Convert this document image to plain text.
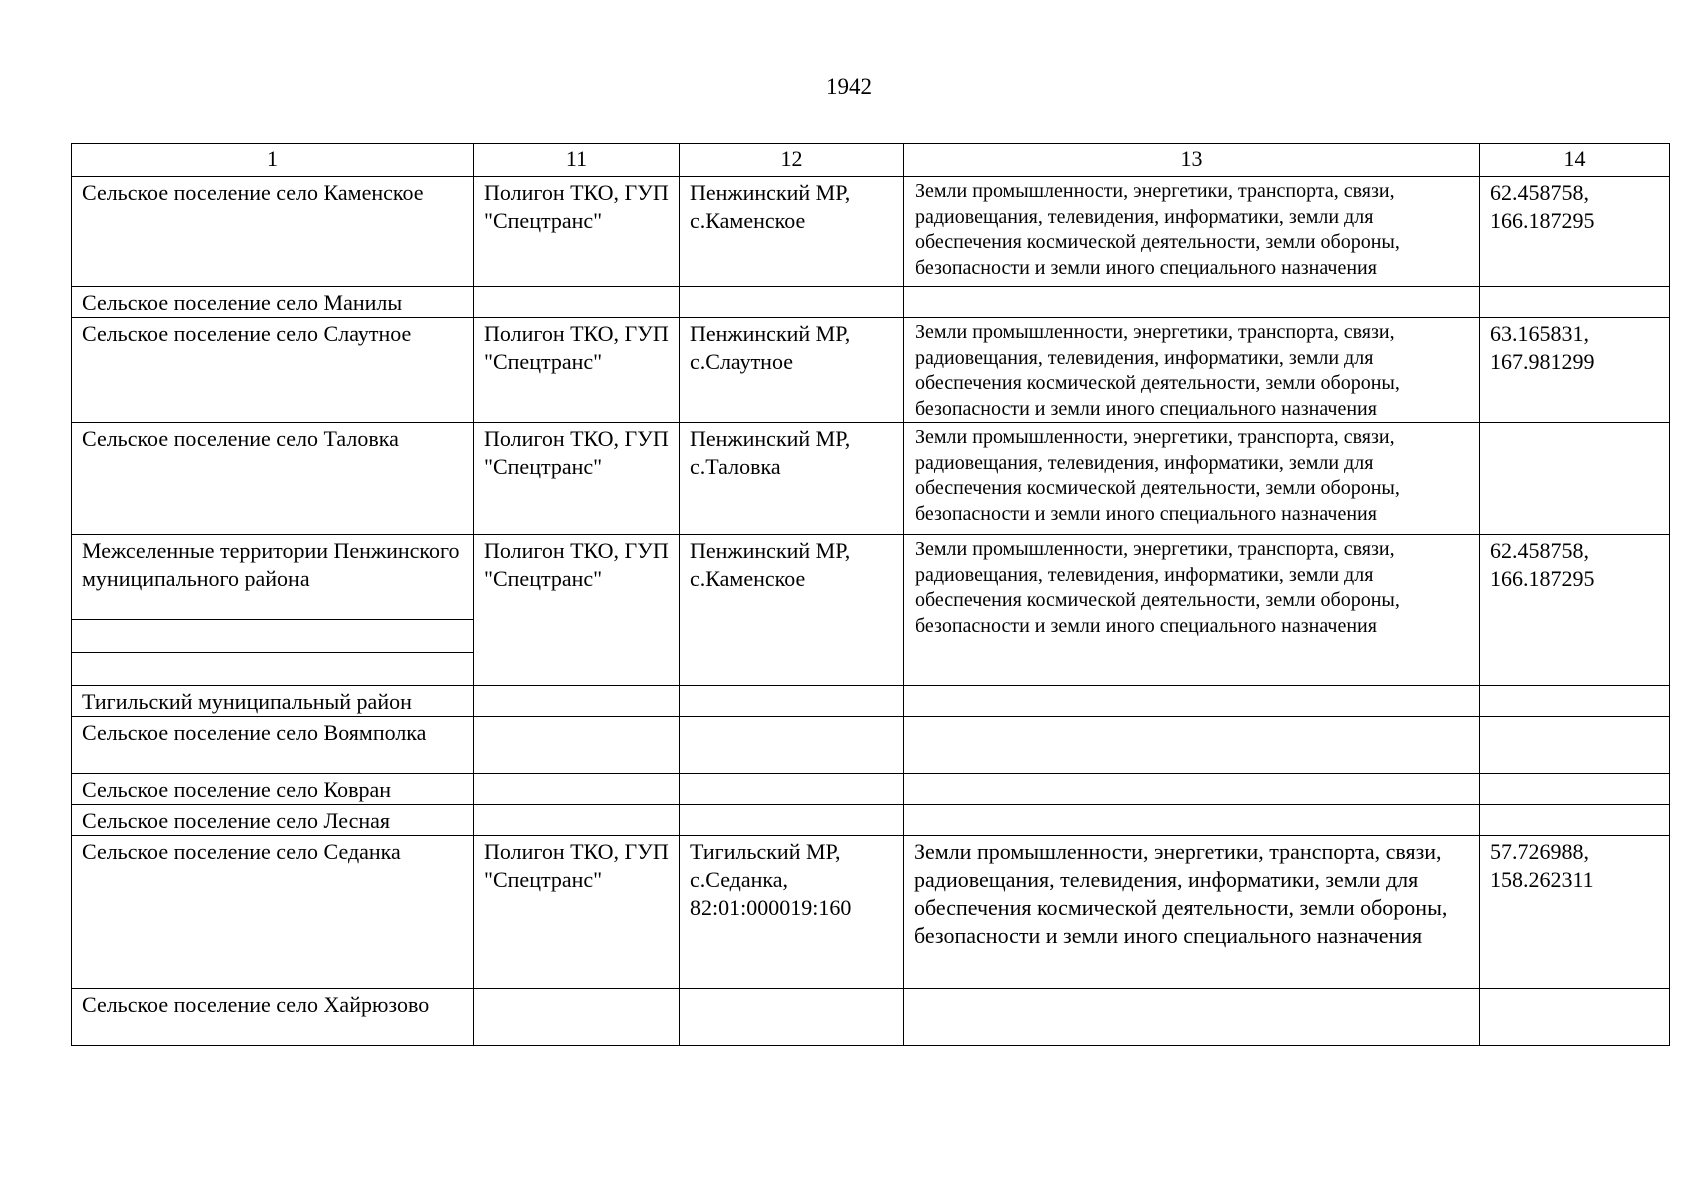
1942
1	11	12	13	14
Сельское поселение село Каменское	Полигон ТКО, ГУП "Спецтранс"	Пенжинский МР, с.Каменское	Земли промышленности, энергетики, транспорта, связи, радиовещания, телевидения, информатики, земли для обеспечения космической деятельности, земли обороны, безопасности и земли иного специального назначения	62.458758, 166.187295
Сельское поселение село Манилы				
Сельское поселение село Слаутное	Полигон ТКО, ГУП "Спецтранс"	Пенжинский МР, с.Слаутное	Земли промышленности, энергетики, транспорта, связи, радиовещания, телевидения, информатики, земли для обеспечения космической деятельности, земли обороны, безопасности и земли иного специального назначения	63.165831, 167.981299
Сельское поселение село Таловка	Полигон ТКО, ГУП "Спецтранс"	Пенжинский МР, с.Таловка	Земли промышленности, энергетики, транспорта, связи, радиовещания, телевидения, информатики, земли для обеспечения космической деятельности, земли обороны, безопасности и земли иного специального назначения	

Межселенные территории Пенжинского муниципального района	Полигон ТКО, ГУП "Спецтранс"	Пенжинский МР, с.Каменское	Земли промышленности, энергетики, транспорта, связи, радиовещания, телевидения, информатики, земли для обеспечения космической деятельности, земли обороны, безопасности и земли иного специального назначения	62.458758, 166.187295
Тигильский муниципальный район				
Сельское поселение село Воямполка				
Сельское поселение село Ковран				
Сельское поселение село Лесная				
Сельское поселение село Седанка	Полигон ТКО, ГУП "Спецтранс"	Тигильский МР, с.Седанка, 82:01:000019:160	Земли промышленности, энергетики, транспорта, связи, радиовещания, телевидения, информатики, земли для обеспечения космической деятельности, земли обороны, безопасности и земли иного специального назначения	57.726988, 158.262311
Сельское поселение село Хайрюзово				
